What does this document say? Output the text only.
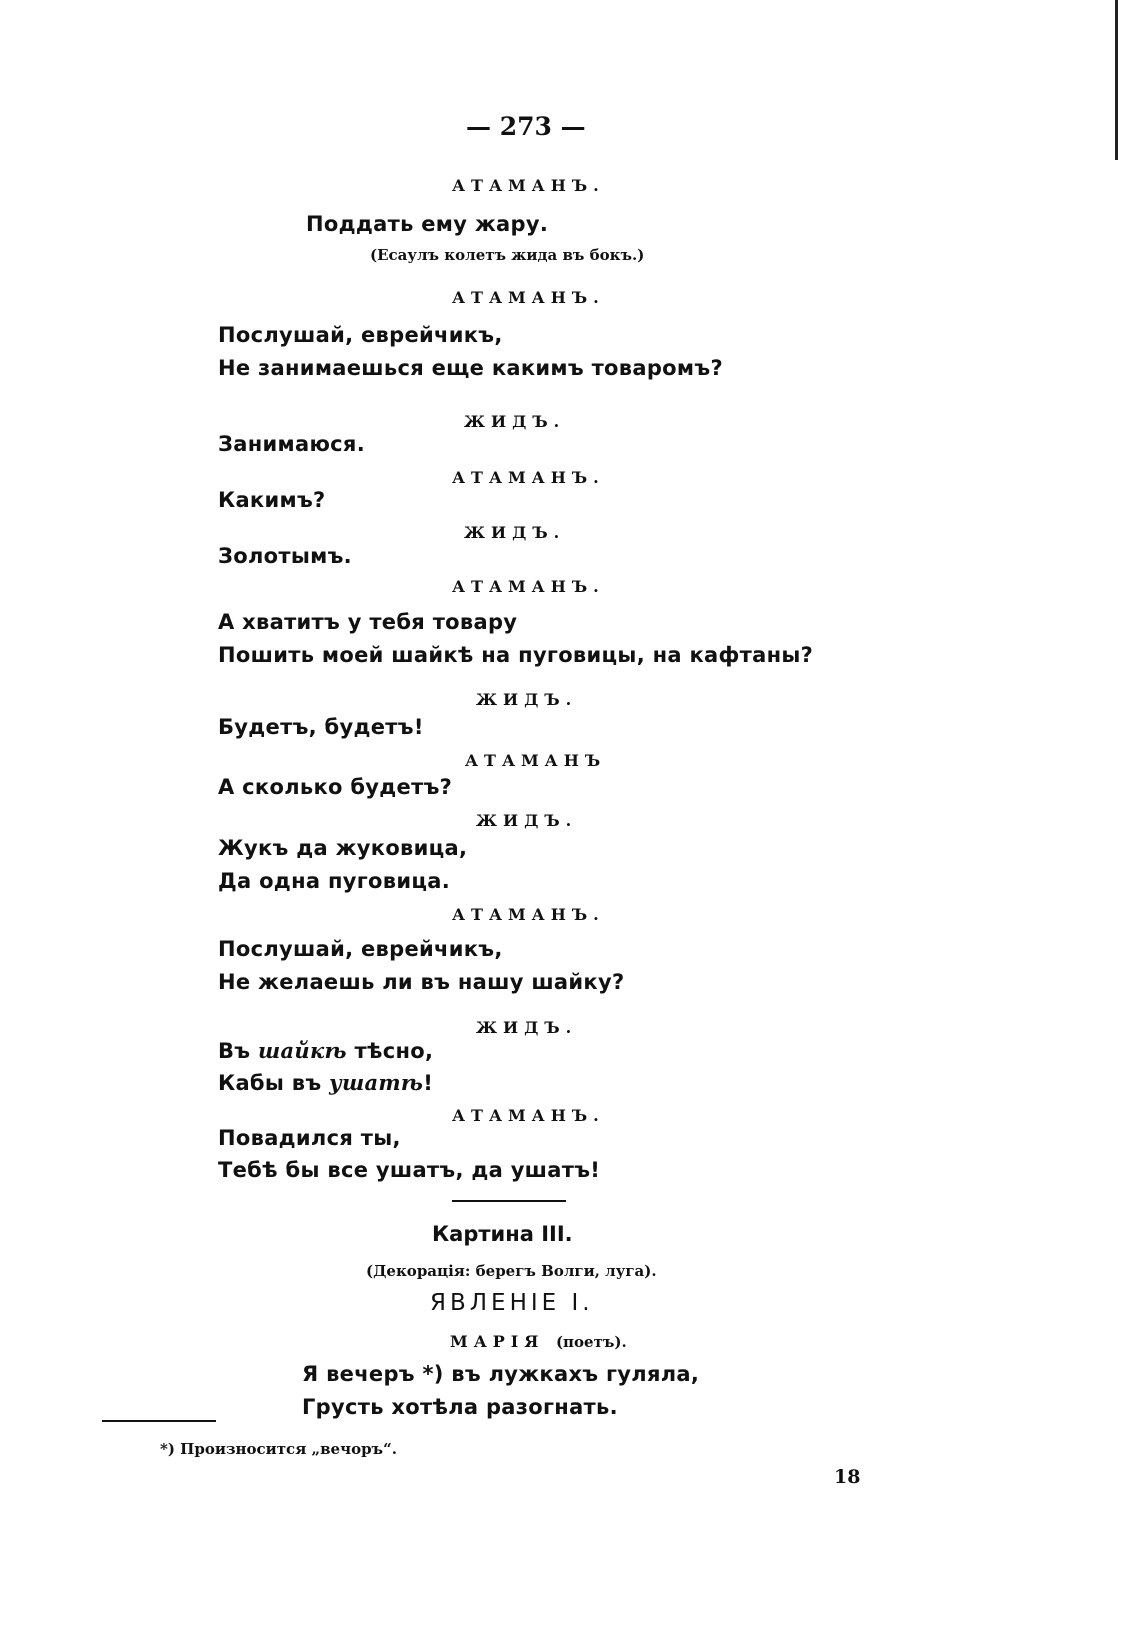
— 273 —
АТАМАНЪ.
Поддать ему жару.
(Есаулъ колетъ жида въ бокъ.)
АТАМАНЪ.
Послушай, еврейчикъ,
Не занимаешься еще какимъ товаромъ?
ЖИДЪ.
Занимаюся.
АТАМАНЪ.
Какимъ?
ЖИДЪ.
Золотымъ.
АТАМАНЪ.
А хватитъ у тебя товару
Пошить моей шайкѣ на пуговицы, на кафтаны?
ЖИДЪ.
Будетъ, будетъ!
АТАМАНЪ
А сколько будетъ?
ЖИДЪ.
Жукъ да жуковица,
Да одна пуговица.
АТАМАНЪ.
Послушай, еврейчикъ,
Не желаешь ли въ нашу шайку?
ЖИДЪ.
Въ шайкѣ тѣсно,
Кабы въ ушатѣ!
АТАМАНЪ.
Повадился ты,
Тебѣ бы все ушатъ, да ушатъ!
Картина III.
(Декорація: берегъ Волги, луга).
ЯВЛЕНІЕ I.
МАРІЯ (поетъ).
Я вечеръ *) въ лужкахъ гуляла,
Грусть хотѣла разогнать.
*) Произносится „вечоръ“.
18
